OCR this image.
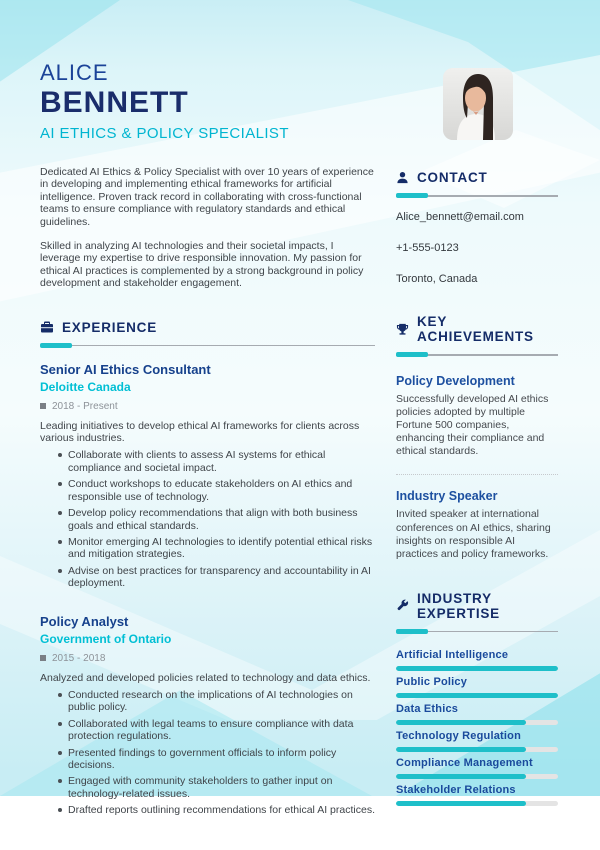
ALICE
BENNETT
AI ETHICS & POLICY SPECIALIST

Dedicated AI Ethics & Policy Specialist with over 10 years of experience in developing and implementing ethical frameworks for artificial intelligence. Proven track record in collaborating with cross-functional teams to ensure compliance with regulatory standards and ethical guidelines.

Skilled in analyzing AI technologies and their societal impacts, I leverage my expertise to drive responsible innovation. My passion for ethical AI practices is complemented by a strong background in policy development and stakeholder engagement.

EXPERIENCE
Senior AI Ethics Consultant
Deloitte Canada
2018 - Present
Leading initiatives to develop ethical AI frameworks for clients across various industries.
Collaborate with clients to assess AI systems for ethical compliance and societal impact.
Conduct workshops to educate stakeholders on AI ethics and responsible use of technology.
Develop policy recommendations that align with both business goals and ethical standards.
Monitor emerging AI technologies to identify potential ethical risks and mitigation strategies.
Advise on best practices for transparency and accountability in AI deployment.
Policy Analyst
Government of Ontario
2015 - 2018
Analyzed and developed policies related to technology and data ethics.
Conducted research on the implications of AI technologies on public policy.
Collaborated with legal teams to ensure compliance with data protection regulations.
Presented findings to government officials to inform policy decisions.
Engaged with community stakeholders to gather input on technology-related issues.
Drafted reports outlining recommendations for ethical AI practices.
CONTACT
Alice_bennett@email.com
+1-555-0123
Toronto, Canada
KEY ACHIEVEMENTS
Policy Development
Successfully developed AI ethics policies adopted by multiple Fortune 500 companies, enhancing their compliance and ethical standards.
Industry Speaker
Invited speaker at international conferences on AI ethics, sharing insights on responsible AI practices and policy frameworks.
INDUSTRY EXPERTISE
Artificial Intelligence
Public Policy
Data Ethics
Technology Regulation
Compliance Management
Stakeholder Relations
